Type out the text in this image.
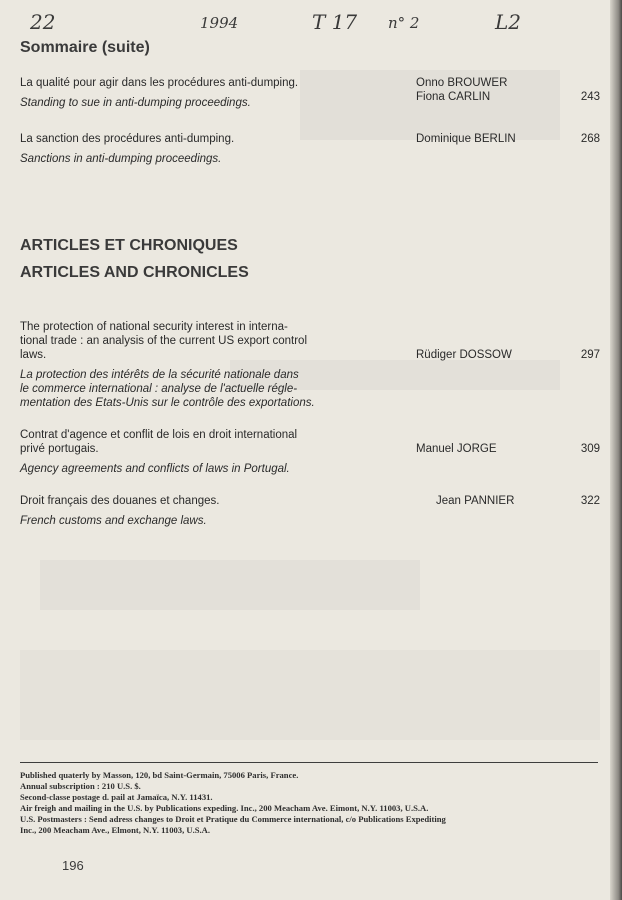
22	1994	T 17 n° 2	L2
Sommaire (suite)
La qualité pour agir dans les procédures anti-dumping.
Standing to sue in anti-dumping proceedings.
Onno BROUWER
Fiona CARLIN	243
La sanction des procédures anti-dumping.
Sanctions in anti-dumping proceedings.
Dominique BERLIN	268
ARTICLES ET CHRONIQUES
ARTICLES AND CHRONICLES
The protection of national security interest in interna-
tional trade : an analysis of the current US export control
laws.
La protection des intérêts de la sécurité nationale dans
le commerce international : analyse de l'actuelle régle-
mentation des Etats-Unis sur le contrôle des exportations.
Rüdiger DOSSOW	297
Contrat d'agence et conflit de lois en droit international
privé portugais.
Agency agreements and conflicts of laws in Portugal.
Manuel JORGE	309
Droit français des douanes et changes.
French customs and exchange laws.
Jean PANNIER	322
Published quaterly by Masson, 120, bd Saint-Germain, 75006 Paris, France.
Annual subscription : 210 U.S. $.
Second-classe postage d. pail at Jamaïca, N.Y. 11431.
Air freigh and mailing in the U.S. by Publications expeding. Inc., 200 Meacham Ave. Eimont, N.Y. 11003, U.S.A.
U.S. Postmasters : Send adress changes to Droit et Pratique du Commerce international, c/o Publications Expediting
Inc., 200 Meacham Ave., Elmont, N.Y. 11003, U.S.A.
196
